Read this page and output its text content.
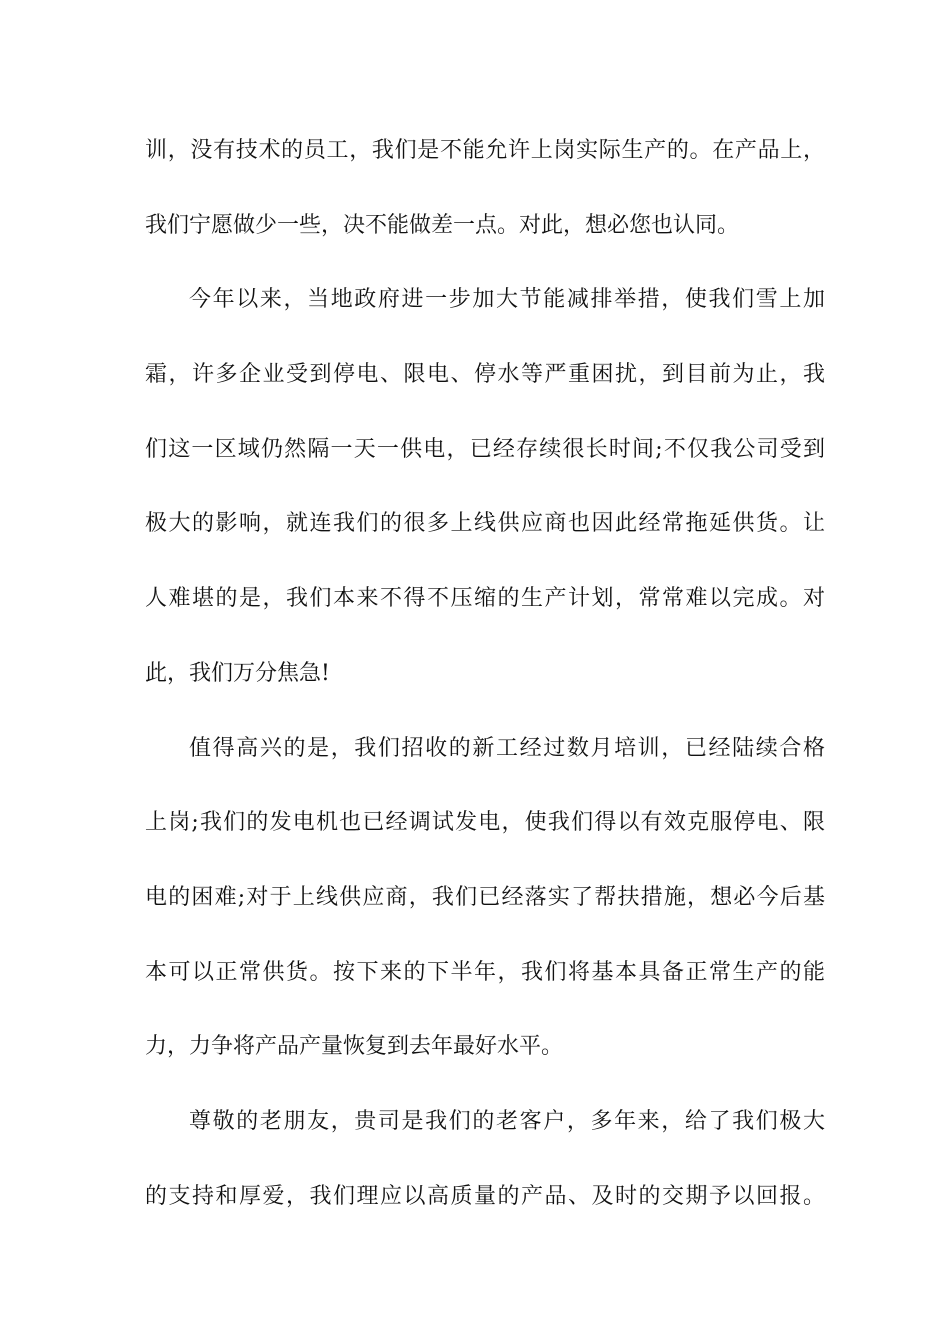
训，没有技术的员工，我们是不能允许上岗实际生产的。在产品上，
我们宁愿做少一些，决不能做差一点。对此，想必您也认同。
今年以来，当地政府进一步加大节能减排举措，使我们雪上加
霜，许多企业受到停电、限电、停水等严重困扰，到目前为止，我
们这一区域仍然隔一天一供电，已经存续很长时间;不仅我公司受到
极大的影响，就连我们的很多上线供应商也因此经常拖延供货。让
人难堪的是，我们本来不得不压缩的生产计划，常常难以完成。对
此，我们万分焦急!
值得高兴的是，我们招收的新工经过数月培训，已经陆续合格
上岗;我们的发电机也已经调试发电，使我们得以有效克服停电、限
电的困难;对于上线供应商，我们已经落实了帮扶措施，想必今后基
本可以正常供货。按下来的下半年，我们将基本具备正常生产的能
力，力争将产品产量恢复到去年最好水平。
尊敬的老朋友，贵司是我们的老客户，多年来，给了我们极大
的支持和厚爱，我们理应以高质量的产品、及时的交期予以回报。
